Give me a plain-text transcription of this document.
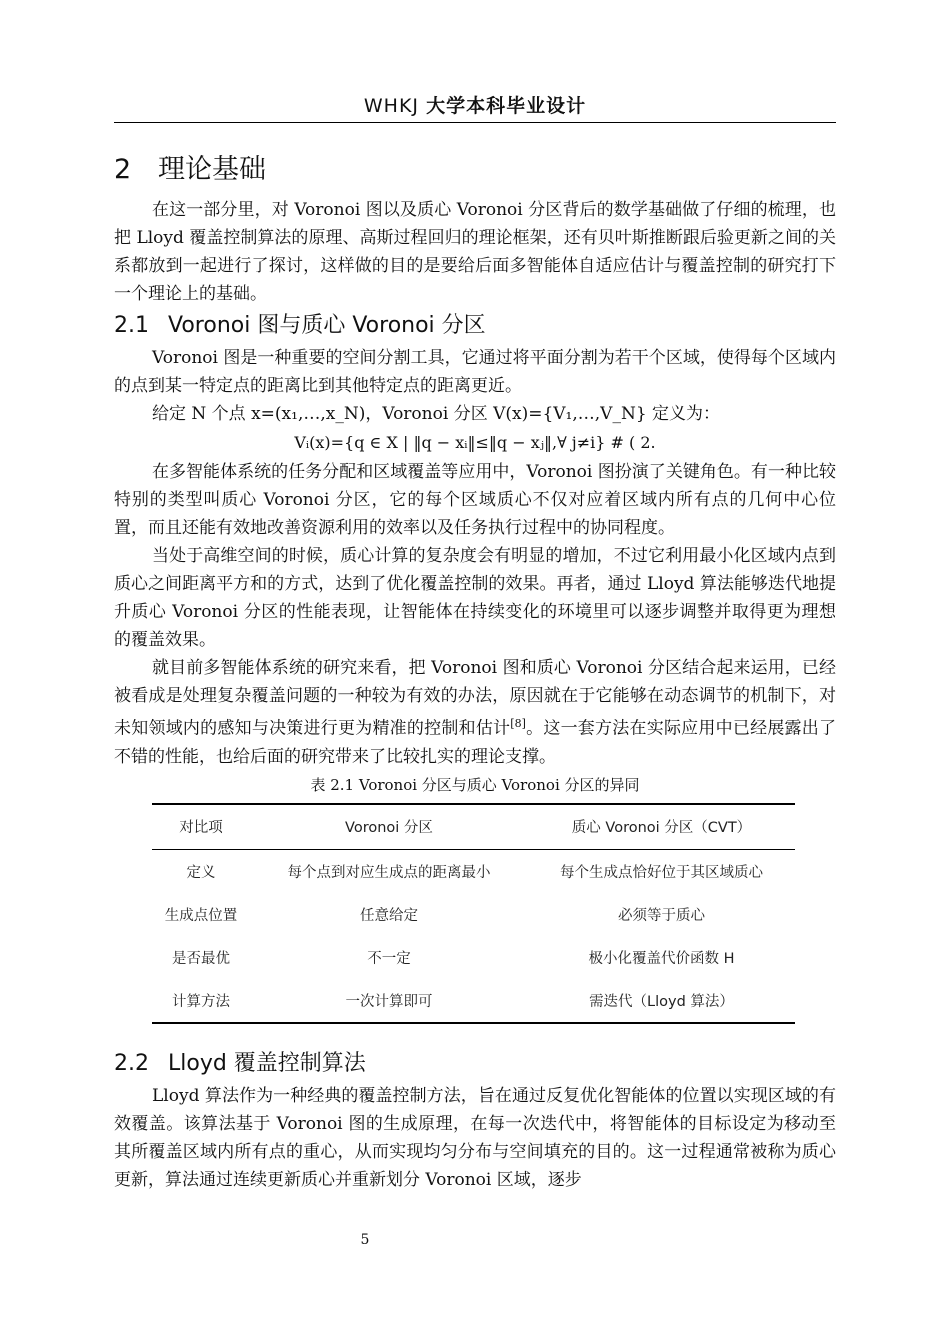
WHKJ 大学本科毕业设计
2 理论基础

在这一部分里，对 Voronoi 图以及质心 Voronoi 分区背后的数学基础做了仔细的梳理，也把 Lloyd 覆盖控制算法的原理、高斯过程回归的理论框架，还有贝叶斯推断跟后验更新之间的关系都放到一起进行了探讨，这样做的目的是要给后面多智能体自适应估计与覆盖控制的研究打下一个理论上的基础。

2.1 Voronoi 图与质心 Voronoi 分区

Voronoi 图是一种重要的空间分割工具，它通过将平面分割为若干个区域，使得每个区域内的点到某一特定点的距离比到其他特定点的距离更近。

给定 N 个点 x=(x₁,…,x_N)，Voronoi 分区 V(x)={V₁,…,V_N} 定义为：

Vᵢ(x)={q ∈ X | ‖q − xᵢ‖≤‖q − xⱼ‖,∀ j≠i} # ( 2.

在多智能体系统的任务分配和区域覆盖等应用中，Voronoi 图扮演了关键角色。有一种比较特别的类型叫质心 Voronoi 分区，它的每个区域质心不仅对应着区域内所有点的几何中心位置，而且还能有效地改善资源利用的效率以及任务执行过程中的协同程度。

当处于高维空间的时候，质心计算的复杂度会有明显的增加，不过它利用最小化区域内点到质心之间距离平方和的方式，达到了优化覆盖控制的效果。再者，通过 Lloyd 算法能够迭代地提升质心 Voronoi 分区的性能表现，让智能体在持续变化的环境里可以逐步调整并取得更为理想的覆盖效果。

就目前多智能体系统的研究来看，把 Voronoi 图和质心 Voronoi 分区结合起来运用，已经被看成是处理复杂覆盖问题的一种较为有效的办法，原因就在于它能够在动态调节的机制下，对未知领域内的感知与决策进行更为精准的控制和估计[8]。这一套方法在实际应用中已经展露出了不错的性能，也给后面的研究带来了比较扎实的理论支撑。

表 2.1 Voronoi 分区与质心 Voronoi 分区的异同
对比项	Voronoi 分区	质心 Voronoi 分区（CVT）
定义	每个点到对应生成点的距离最小	每个生成点恰好位于其区域质心
生成点位置	任意给定	必须等于质心
是否最优	不一定	极小化覆盖代价函数 H
计算方法	一次计算即可	需迭代（Lloyd 算法）
2.2 Lloyd 覆盖控制算法

Lloyd 算法作为一种经典的覆盖控制方法，旨在通过反复优化智能体的位置以实现区域的有效覆盖。该算法基于 Voronoi 图的生成原理，在每一次迭代中，将智能体的目标设定为移动至其所覆盖区域内所有点的重心，从而实现均匀分布与空间填充的目的。这一过程通常被称为质心更新，算法通过连续更新质心并重新划分 Voronoi 区域，逐步

5
